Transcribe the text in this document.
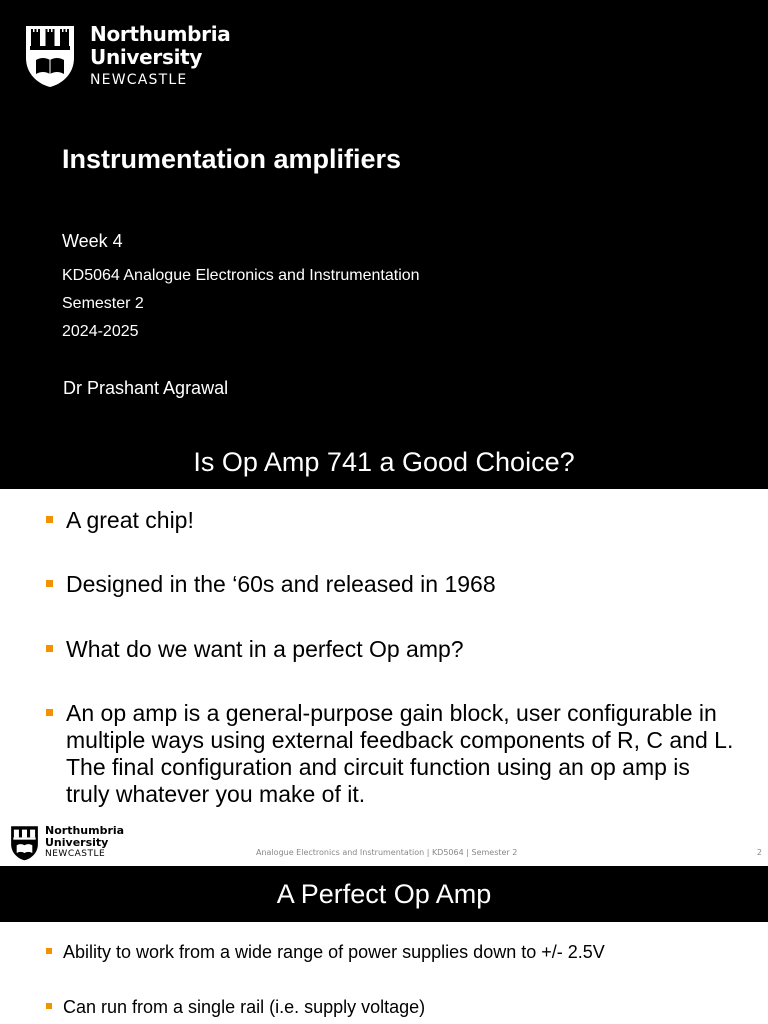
Northumbria
University
NEWCASTLE
Instrumentation amplifiers
Week 4
KD5064 Analogue Electronics and Instrumentation
Semester 2
2024-2025
Dr Prashant Agrawal
Is Op Amp 741 a Good Choice?
A great chip!
Designed in the ‘60s and released in 1968
What do we want in a perfect Op amp?
An op amp is a general-purpose gain block, user configurable in multiple ways using external feedback components of R, C and L. The final configuration and circuit function using an op amp is truly whatever you make of it.
Northumbria
University
NEWCASTLE	Analogue Electronics and Instrumentation | KD5064 | Semester 2	2
A Perfect Op Amp
Ability to work from a wide range of power supplies down to +/- 2.5V
Can run from a single rail (i.e. supply voltage)
